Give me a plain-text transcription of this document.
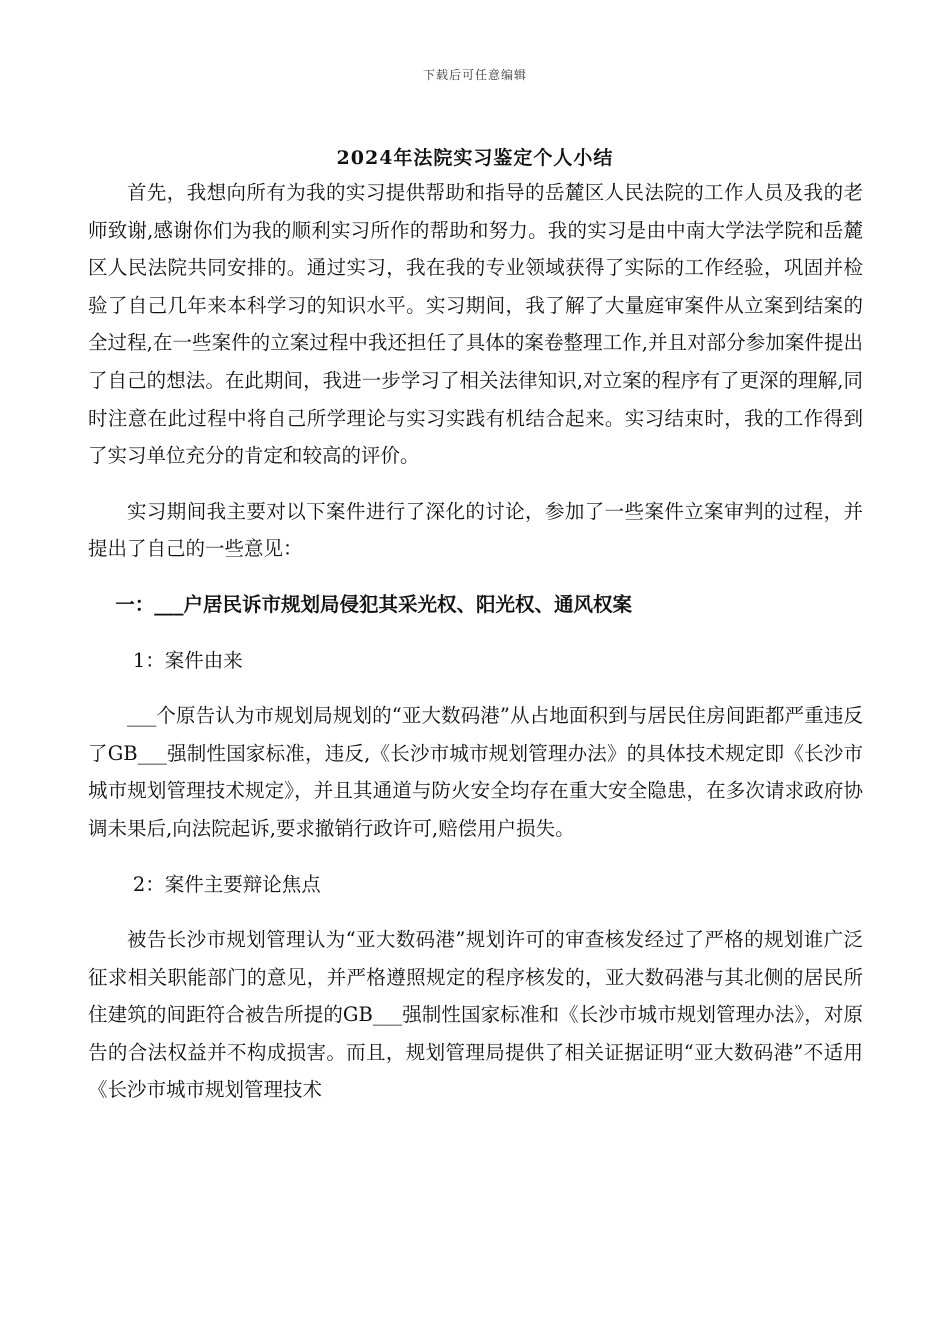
下载后可任意编辑
2024年法院实习鉴定个人小结

首先，我想向所有为我的实习提供帮助和指导的岳麓区人民法院的工作人员及我的老师致谢,感谢你们为我的顺利实习所作的帮助和努力。我的实习是由中南大学法学院和岳麓区人民法院共同安排的。通过实习，我在我的专业领域获得了实际的工作经验，巩固并检验了自己几年来本科学习的知识水平。实习期间，我了解了大量庭审案件从立案到结案的全过程,在一些案件的立案过程中我还担任了具体的案卷整理工作,并且对部分参加案件提出了自己的想法。在此期间，我进一步学习了相关法律知识,对立案的程序有了更深的理解,同时注意在此过程中将自己所学理论与实习实践有机结合起来。实习结束时，我的工作得到了实习单位充分的肯定和较高的评价。

实习期间我主要对以下案件进行了深化的讨论，参加了一些案件立案审判的过程，并提出了自己的一些意见：

一：___户居民诉市规划局侵犯其采光权、阳光权、通风权案

1：案件由来

___个原告认为市规划局规划的“亚大数码港”从占地面积到与居民住房间距都严重违反了GB___强制性国家标准，违反,《长沙市城市规划管理办法》的具体技术规定即《长沙市城市规划管理技术规定》，并且其通道与防火安全均存在重大安全隐患，在多次请求政府协调未果后,向法院起诉,要求撤销行政许可,赔偿用户损失。

2：案件主要辩论焦点

被告长沙市规划管理认为“亚大数码港”规划许可的审查核发经过了严格的规划谁广泛征求相关职能部门的意见，并严格遵照规定的程序核发的，亚大数码港与其北侧的居民所住建筑的间距符合被告所提的GB___强制性国家标准和《长沙市城市规划管理办法》，对原告的合法权益并不构成损害。而且，规划管理局提供了相关证据证明“亚大数码港”不适用《长沙市城市规划管理技术
